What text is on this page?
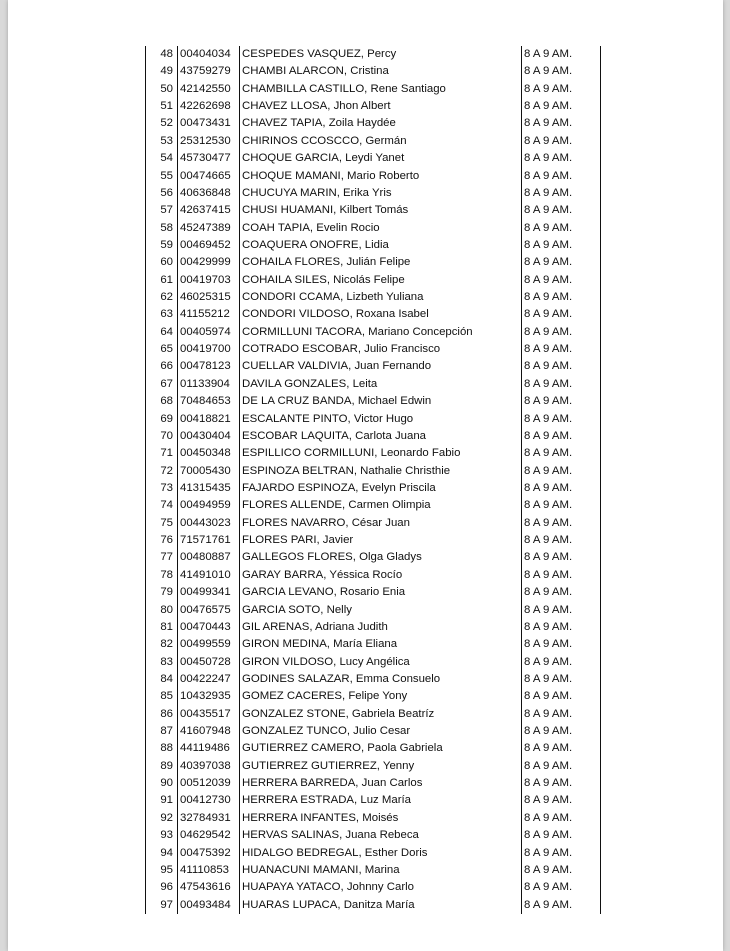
48 00404034 CESPEDES VASQUEZ, Percy	8 A 9 AM.
49 43759279 CHAMBI ALARCON, Cristina	8 A 9 AM.
50 42142550 CHAMBILLA CASTILLO, Rene Santiago	8 A 9 AM.
51 42262698 CHAVEZ LLOSA, Jhon Albert	8 A 9 AM.
52 00473431 CHAVEZ TAPIA, Zoila Haydée	8 A 9 AM.
53 25312530 CHIRINOS CCOSCCO, Germán	8 A 9 AM.
54 45730477 CHOQUE GARCIA, Leydi Yanet	8 A 9 AM.
55 00474665 CHOQUE MAMANI, Mario Roberto	8 A 9 AM.
56 40636848 CHUCUYA MARIN, Erika Yris	8 A 9 AM.
57 42637415 CHUSI HUAMANI, Kilbert Tomás	8 A 9 AM.
58 45247389 COAH TAPIA, Evelin Rocio	8 A 9 AM.
59 00469452 COAQUERA ONOFRE, Lidia	8 A 9 AM.
60 00429999 COHAILA FLORES, Julián Felipe	8 A 9 AM.
61 00419703 COHAILA SILES, Nicolás Felipe	8 A 9 AM.
62 46025315 CONDORI CCAMA, Lizbeth Yuliana	8 A 9 AM.
63 41155212	CONDORI VILDOSO, Roxana Isabel	8 A 9 AM.
64 00405974 CORMILLUNI TACORA, Mariano Concepción	8 A 9 AM.
65 00419700 COTRADO ESCOBAR, Julio Francisco	8 A 9 AM.
66 00478123 CUELLAR VALDIVIA, Juan Fernando	8 A 9 AM.
67 01133904	DAVILA GONZALES, Leita	8 A 9 AM.
68 70484653 DE LA CRUZ BANDA, Michael Edwin	8 A 9 AM.
69 00418821 ESCALANTE PINTO, Victor Hugo	8 A 9 AM.
70 00430404 ESCOBAR LAQUITA, Carlota Juana	8 A 9 AM.
71 00450348 ESPILLICO CORMILLUNI, Leonardo Fabio	8 A 9 AM.
72 70005430 ESPINOZA BELTRAN, Nathalie Christhie	8 A 9 AM.
73 41315435 FAJARDO ESPINOZA, Evelyn Priscila	8 A 9 AM.
74 00494959 FLORES ALLENDE, Carmen Olimpia	8 A 9 AM.
75 00443023 FLORES NAVARRO, César Juan	8 A 9 AM.
76 71571761 FLORES PARI, Javier	8 A 9 AM.
77 00480887 GALLEGOS FLORES, Olga Gladys	8 A 9 AM.
78 41491010 GARAY BARRA, Yéssica Rocío	8 A 9 AM.
79 00499341 GARCIA LEVANO, Rosario Enia	8 A 9 AM.
80 00476575 GARCIA SOTO, Nelly	8 A 9 AM.
81 00470443 GIL ARENAS, Adriana Judith	8 A 9 AM.
82 00499559 GIRON MEDINA, María Eliana	8 A 9 AM.
83 00450728 GIRON VILDOSO, Lucy Angélica	8 A 9 AM.
84 00422247 GODINES SALAZAR, Emma Consuelo	8 A 9 AM.
85 10432935 GOMEZ CACERES, Felipe Yony	8 A 9 AM.
86 00435517 GONZALEZ STONE, Gabriela Beatríz	8 A 9 AM.
87 41607948 GONZALEZ TUNCO, Julio Cesar	8 A 9 AM.
88 44119486	GUTIERREZ CAMERO, Paola Gabriela	8 A 9 AM.
89 40397038 GUTIERREZ GUTIERREZ, Yenny	8 A 9 AM.
90 00512039 HERRERA BARREDA, Juan Carlos	8 A 9 AM.
91 00412730 HERRERA ESTRADA, Luz María	8 A 9 AM.
92 32784931 HERRERA INFANTES, Moisés	8 A 9 AM.
93 04629542 HERVAS SALINAS, Juana Rebeca	8 A 9 AM.
94 00475392 HIDALGO BEDREGAL, Esther Doris	8 A 9 AM.
95 41110853	HUANACUNI MAMANI, Marina	8 A 9 AM.
96 47543616 HUAPAYA YATACO, Johnny Carlo	8 A 9 AM.
97 00493484 HUARAS LUPACA, Danitza María	8 A 9 AM.
